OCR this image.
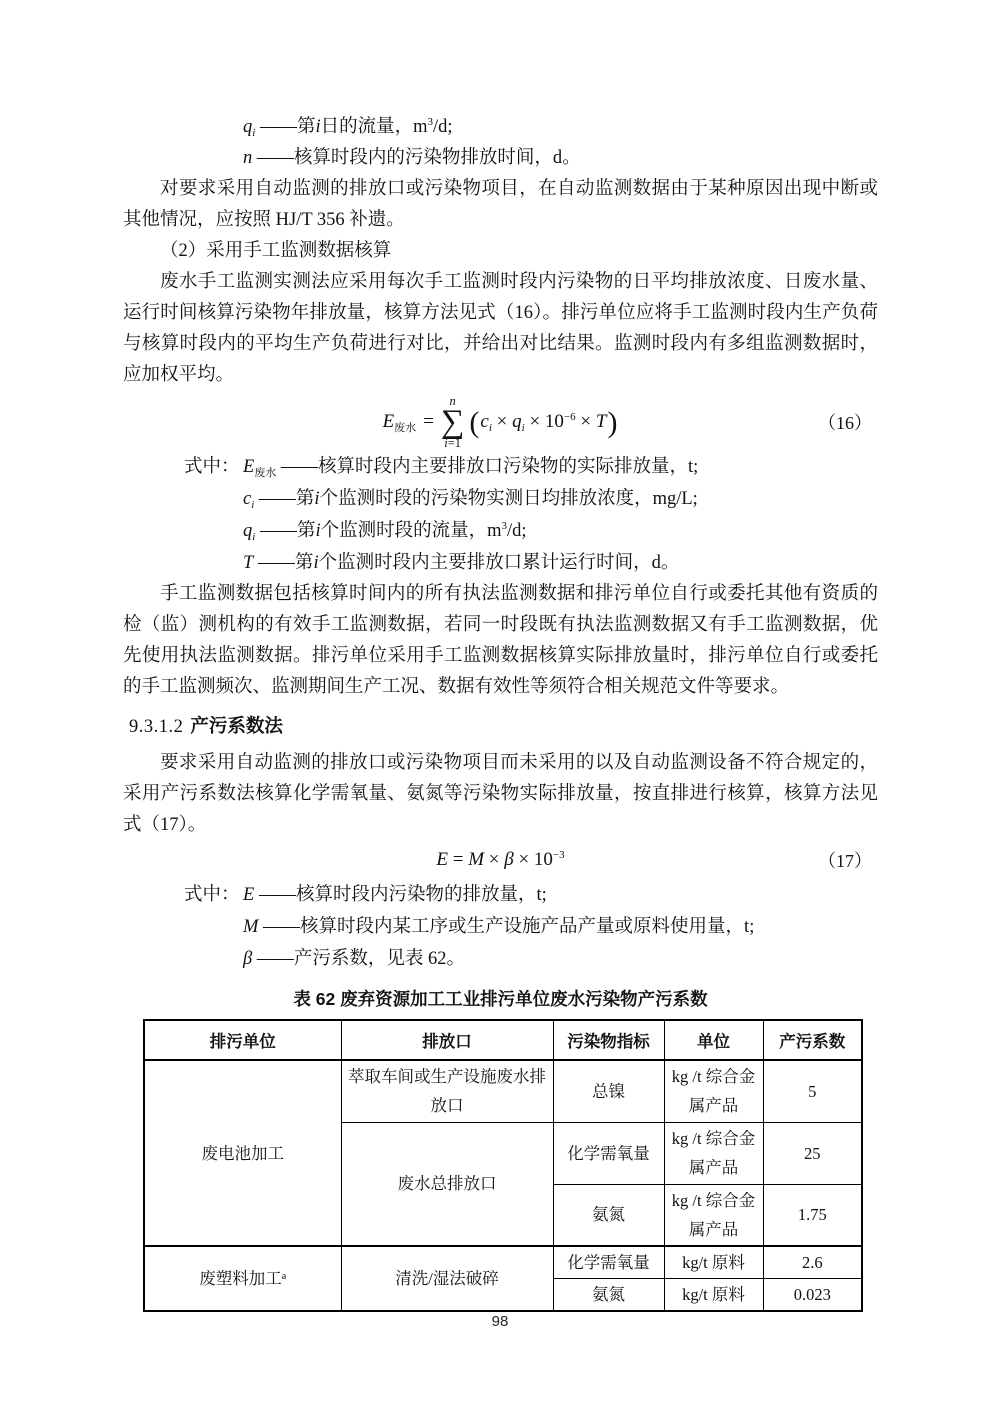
$q_i$ ——第i日的流量，$m^3/d$;
n ——核算时段内的污染物排放时间，d。

对要求采用自动监测的排放口或污染物项目，在自动监测数据由于某种原因出现中断或其他情况，应按照 HJ/T 356 补遗。

（2）采用手工监测数据核算

废水手工监测实测法应采用每次手工监测时段内污染物的日平均排放浓度、日废水量、运行时间核算污染物年排放量，核算方法见式（16）。排污单位应将手工监测时段内生产负荷与核算时段内的平均生产负荷进行对比，并给出对比结果。监测时段内有多组监测数据时，应加权平均。

$E_{废水}$ =
n
∑
i=1
( $c_i \times q_i \times 10^{-6} \times T$ )	（16）
式中： $E_{废水}$ ——核算时段内主要排放口污染物的实际排放量，t;
$c_i$ ——第i个监测时段的污染物实测日均排放浓度，mg/L;
$q_i$ ——第i个监测时段的流量，$m^3/d$;
T ——第i个监测时段内主要排放口累计运行时间，d。

手工监测数据包括核算时间内的所有执法监测数据和排污单位自行或委托其他有资质的检（监）测机构的有效手工监测数据，若同一时段既有执法监测数据又有手工监测数据，优先使用执法监测数据。排污单位采用手工监测数据核算实际排放量时，排污单位自行或委托的手工监测频次、监测期间生产工况、数据有效性等须符合相关规范文件等要求。

9.3.1.2 产污系数法

要求采用自动监测的排放口或污染物项目而未采用的以及自动监测设备不符合规定的，采用产污系数法核算化学需氧量、氨氮等污染物实际排放量，按直排进行核算，核算方法见式（17）。

$E = M \times \beta \times 10^{-3}$	（17）
式中： E ——核算时段内污染物的排放量，t;
M ——核算时段内某工序或生产设施产品产量或原料使用量，t;
β ——产污系数，见表 62。
表 62 废弃资源加工工业排污单位废水污染物产污系数
排污单位	排放口	污染物指标	单位	产污系数
废电池加工	萃取车间或生产设施废水排放口	总镍	kg /t 综合金属产品	5
	废水总排放口	化学需氧量	kg /t 综合金属产品	25
		氨氮	kg /t 综合金属产品	1.75
废塑料加工$^a$	清洗/湿法破碎	化学需氧量	kg/t 原料	2.6
		氨氮	kg/t 原料	0.023
98
